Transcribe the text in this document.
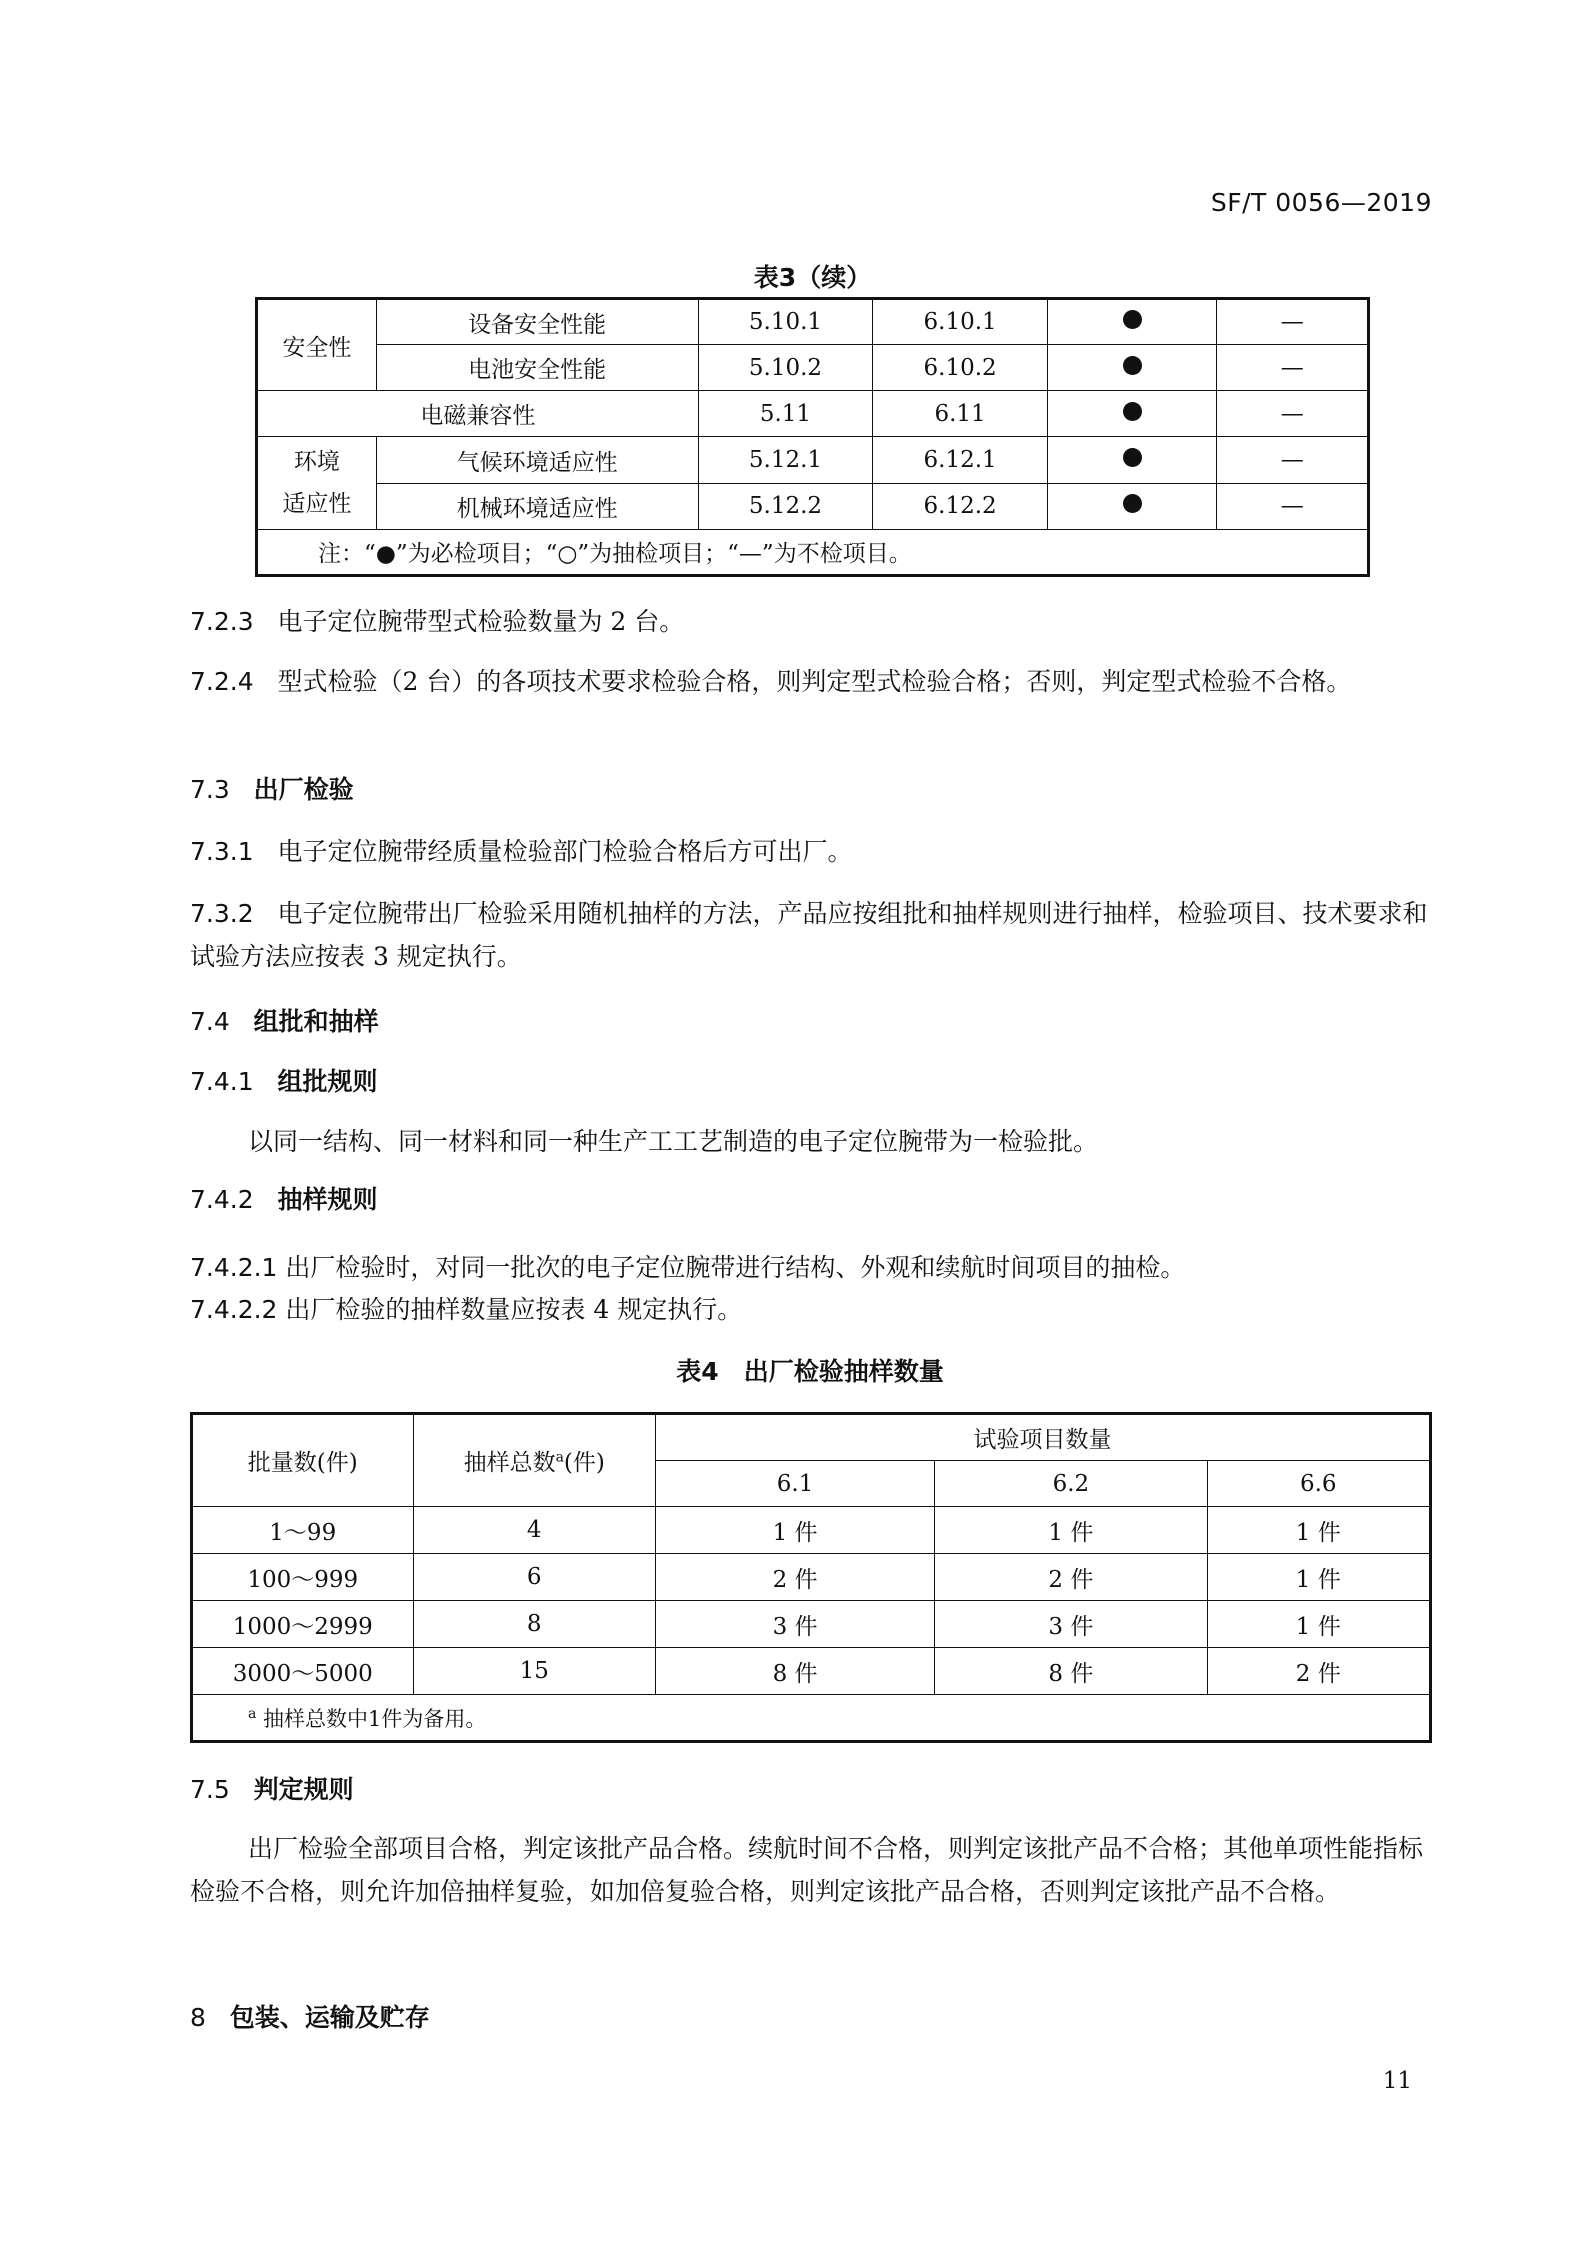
SF/T 0056—2019
表3（续）
安全性	设备安全性能	5.10.1	6.10.1		—
	电池安全性能	5.10.2	6.10.2		—
电磁兼容性		5.11	6.11		—

环境
适应性	气候环境适应性	5.12.1	6.12.1		—
	机械环境适应性	5.12.2	6.12.2		—
注：“●”为必检项目；“○”为抽检项目；“—”为不检项目。					
7.2.3 电子定位腕带型式检验数量为 2 台。
7.2.4 型式检验（2 台）的各项技术要求检验合格，则判定型式检验合格；否则，判定型式检验不合格。
7.3 出厂检验
7.3.1 电子定位腕带经质量检验部门检验合格后方可出厂。
7.3.2 电子定位腕带出厂检验采用随机抽样的方法，产品应按组批和抽样规则进行抽样，检验项目、技术要求和试验方法应按表 3 规定执行。
7.4 组批和抽样
7.4.1 组批规则
以同一结构、同一材料和同一种生产工工艺制造的电子定位腕带为一检验批。
7.4.2 抽样规则
7.4.2.1 出厂检验时，对同一批次的电子定位腕带进行结构、外观和续航时间项目的抽检。
7.4.2.2 出厂检验的抽样数量应按表 4 规定执行。
表4　出厂检验抽样数量
批量数(件)	抽样总数$^a$(件)	试验项目数量		
		6.1	6.2	6.6
1～99	4	1 件	1 件	1 件
100～999	6	2 件	2 件	1 件
1000～2999	8	3 件	3 件	1 件
3000～5000	15	8 件	8 件	2 件
$^a$ 抽样总数中1件为备用。				
7.5 判定规则
出厂检验全部项目合格，判定该批产品合格。续航时间不合格，则判定该批产品不合格；其他单项性能指标检验不合格，则允许加倍抽样复验，如加倍复验合格，则判定该批产品合格，否则判定该批产品不合格。
8 包装、运输及贮存
11
